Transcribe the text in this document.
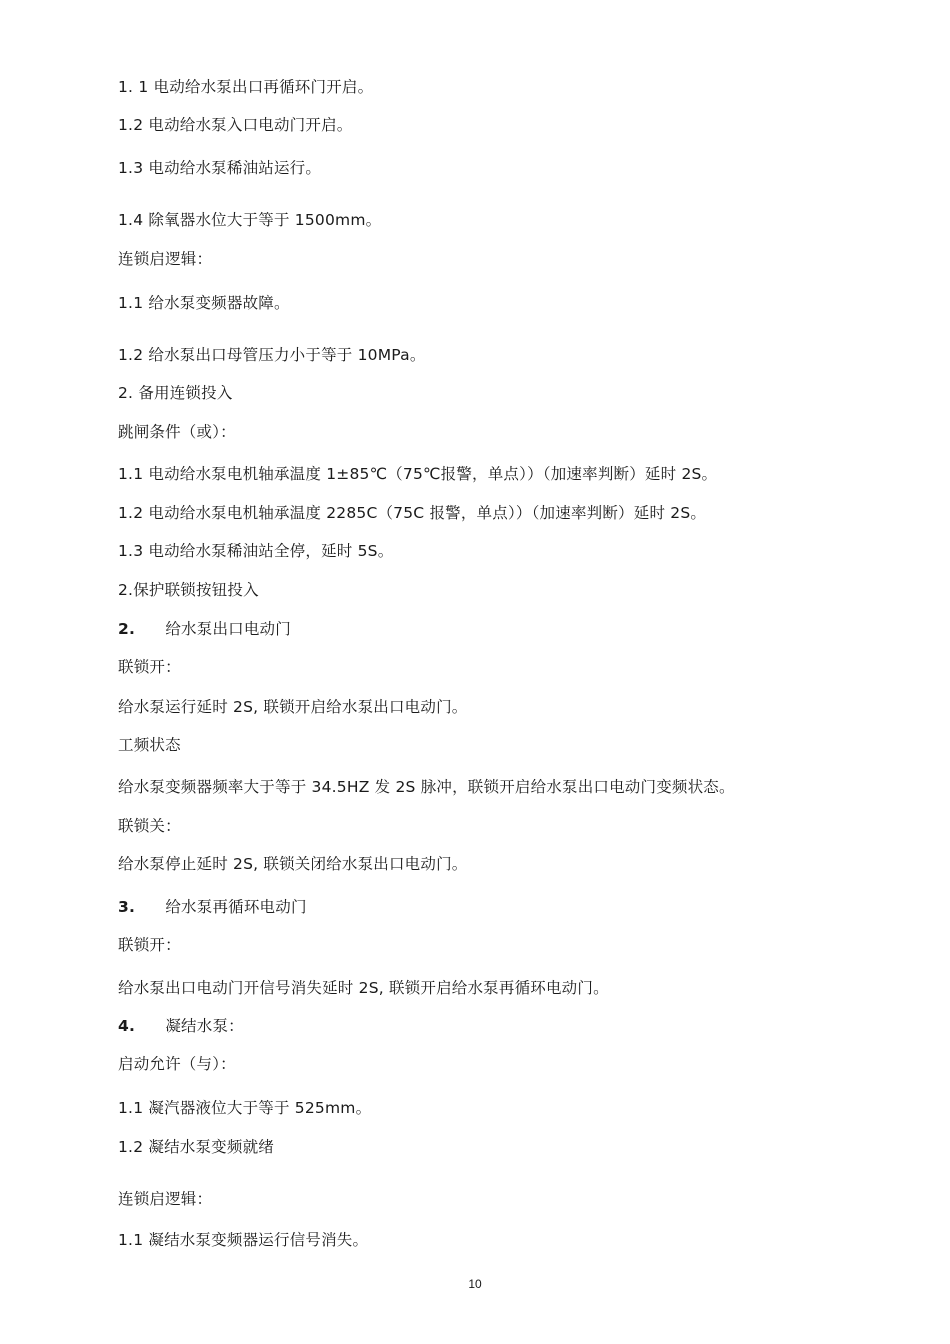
1. 1 电动给水泵出口再循环门开启。
1.2 电动给水泵入口电动门开启。
1.3 电动给水泵稀油站运行。
1.4 除氧器水位大于等于 1500mm。
连锁启逻辑：
1.1 给水泵变频器故障。
1.2 给水泵出口母管压力小于等于 10MPa。
2. 备用连锁投入
跳闸条件（或）：
1.1 电动给水泵电机轴承温度 1±85℃（75℃报警，单点））（加速率判断）延时 2S。
1.2 电动给水泵电机轴承温度 2285C（75C 报警，单点））（加速率判断）延时 2S。
1.3 电动给水泵稀油站全停，延时 5S。
2.保护联锁按钮投入
2. 给水泵出口电动门
联锁开：
给水泵运行延时 2S, 联锁开启给水泵出口电动门。
工频状态
给水泵变频器频率大于等于 34.5HZ 发 2S 脉冲，联锁开启给水泵出口电动门变频状态。
联锁关：
给水泵停止延时 2S, 联锁关闭给水泵出口电动门。
3. 给水泵再循环电动门
联锁开：
给水泵出口电动门开信号消失延时 2S, 联锁开启给水泵再循环电动门。
4. 凝结水泵：
启动允许（与）：
1.1 凝汽器液位大于等于 525mm。
1.2 凝结水泵变频就绪
连锁启逻辑：
1.1 凝结水泵变频器运行信号消失。
10
